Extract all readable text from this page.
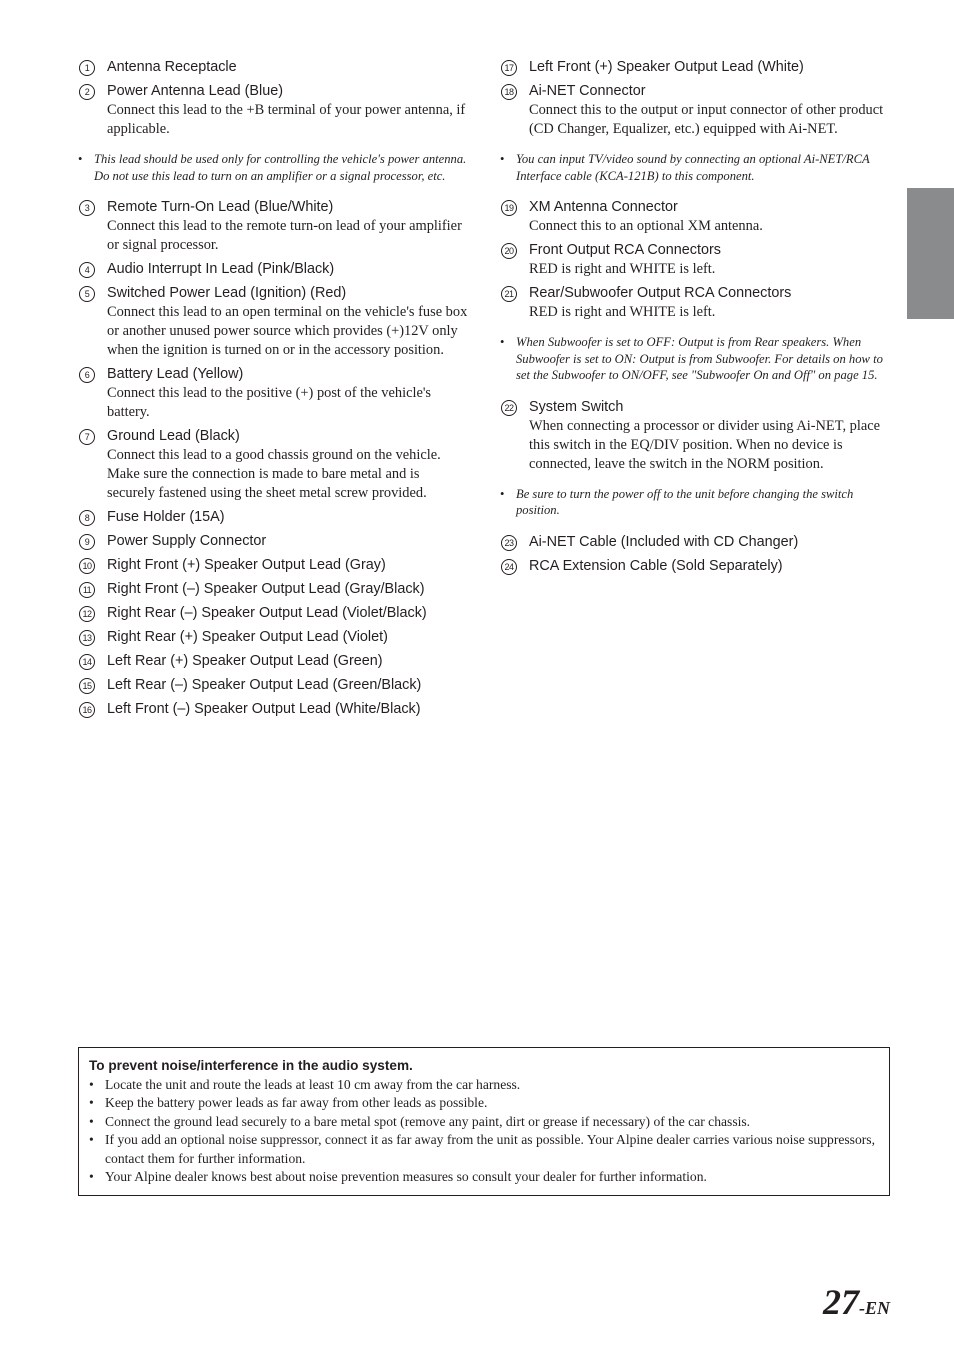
1	Antenna Receptacle
2	Power Antenna Lead (Blue)
Connect this lead to the +B terminal of your power antenna, if applicable.
• This lead should be used only for controlling the vehicle's power antenna. Do not use this lead to turn on an amplifier or a signal processor, etc.
3	Remote Turn-On Lead (Blue/White)
Connect this lead to the remote turn-on lead of your amplifier or signal processor.
4	Audio Interrupt In Lead (Pink/Black)
5	Switched Power Lead (Ignition) (Red)
Connect this lead to an open terminal on the vehicle's fuse box or another unused power source which provides (+)12V only when the ignition is turned on or in the accessory position.
6	Battery Lead (Yellow)
Connect this lead to the positive (+) post of the vehicle's battery.
7	Ground Lead (Black)
Connect this lead to a good chassis ground on the vehicle. Make sure the connection is made to bare metal and is securely fastened using the sheet metal screw provided.
8	Fuse Holder (15A)
9	Power Supply Connector
10 Right Front (+) Speaker Output Lead (Gray)
11 Right Front (–) Speaker Output Lead (Gray/Black)
12 Right Rear (–) Speaker Output Lead (Violet/Black)
13 Right Rear (+) Speaker Output Lead (Violet)
14 Left Rear (+) Speaker Output Lead (Green)
15 Left Rear (–) Speaker Output Lead (Green/Black)
16 Left Front (–) Speaker Output Lead (White/Black)
17 Left Front (+) Speaker Output Lead (White)
18 Ai-NET Connector
Connect this to the output or input connector of other product (CD Changer, Equalizer, etc.) equipped with Ai-NET.
• You can input TV/video sound by connecting an optional Ai-NET/RCA Interface cable (KCA-121B) to this component.
19 XM Antenna Connector
Connect this to an optional XM antenna.
20 Front Output RCA Connectors
RED is right and WHITE is left.
21 Rear/Subwoofer Output RCA Connectors
RED is right and WHITE is left.
• When Subwoofer is set to OFF: Output is from Rear speakers. When Subwoofer is set to ON: Output is from Subwoofer. For details on how to set the Subwoofer to ON/OFF, see "Subwoofer On and Off" on page 15.
22 System Switch
When connecting a processor or divider using Ai-NET, place this switch in the EQ/DIV position. When no device is connected, leave the switch in the NORM position.
• Be sure to turn the power off to the unit before changing the switch position.
23 Ai-NET Cable (Included with CD Changer)
24 RCA Extension Cable (Sold Separately)
To prevent noise/interference in the audio system.
• Locate the unit and route the leads at least 10 cm away from the car harness.
• Keep the battery power leads as far away from other leads as possible.
• Connect the ground lead securely to a bare metal spot (remove any paint, dirt or grease if necessary) of the car chassis.
• If you add an optional noise suppressor, connect it as far away from the unit as possible. Your Alpine dealer carries various noise suppressors, contact them for further information.
• Your Alpine dealer knows best about noise prevention measures so consult your dealer for further information.
27-EN
